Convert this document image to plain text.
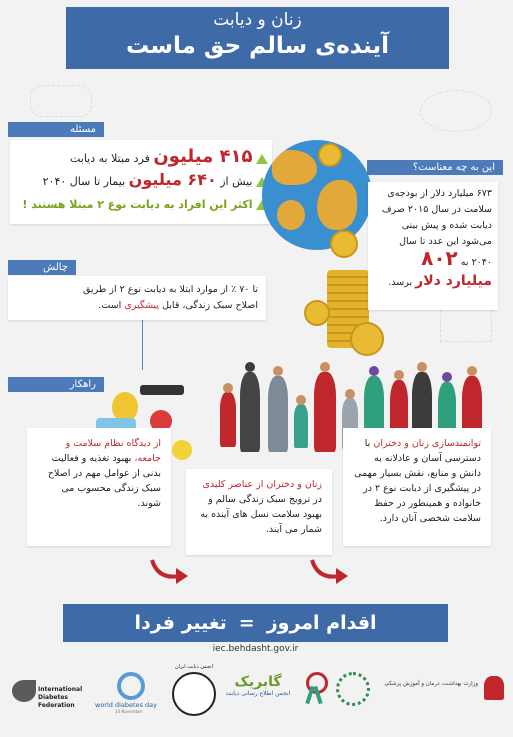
زنان و دیابت
آینده‌ی سالم حق ماست
مسئله
۴۱۵ میلیون فرد مبتلا به دیابت
بیش از ۶۴۰ میلیون بیمار تا سال ۲۰۴۰
اکثر این افراد به دیابت نوع ۲ مبتلا هستند !
این به چه معناست؟
۶۷۳ میلیارد دلار از بودجه‌ی
سلامت در سال ۲۰۱۵ صرف
دیابت شده و پیش بینی
می‌شود این عدد تا سال
۲۰۴۰ به ۸۰۲
میلیارد دلار برسد.
چالش
تا ۷۰ ٪ از موارد ابتلا به دیابت نوع ۲ از طریق
اصلاح سبک زندگی، قابل پیشگیری است.
راهکار
از دیدگاه نظام سلامت و جامعه، بهبود تغذیه و فعالیت بدنی از عوامل مهم در اصلاح سبک زندگی محسوب می شوند.
زنان و دختران از عناصر کلیدی در ترویج سبک زندگی سالم و بهبود سلامت نسل های آینده به شمار می آیند.
توانمندسازی زنان و دختران با دسترسی آسان و عادلانه به دانش و منابع، نقش بسیار مهمی در پیشگیری از دیابت نوع ۲ در خانواده و همینطور در حفظ سلامت شخصی آنان دارد.
اقدام امروز
=
تغییر فردا
iec.behdasht.gov.ir
International
Diabetes
Federation	world diabetes day
14 November
انجمن دیابت ایران
گابریک
انجمن اطلاع رسانی دیابت
وزارت بهداشت، درمان و آموزش پزشکی
